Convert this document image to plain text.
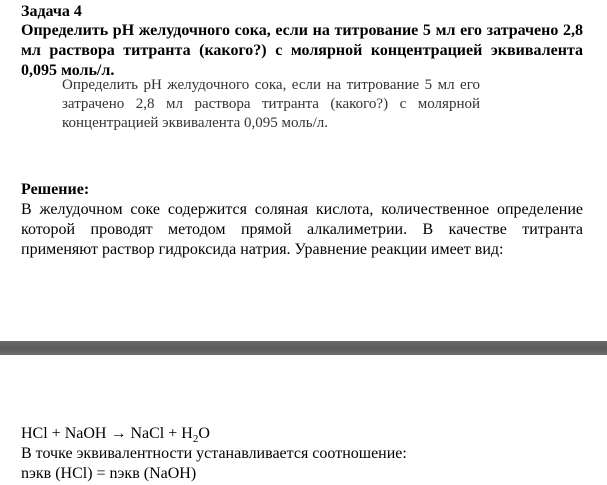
Задача 4

Определить pH желудочного сока, если на титрование 5 мл его затрачено 2,8 мл раствора титранта (какого?) с молярной концентрацией эквивалента 0,095 моль/л.

Определить pH желудочного сока, если на титрование 5 мл его затрачено 2,8 мл раствора титранта (какого?) с молярной концентрацией эквивалента 0,095 моль/л.

Решение:

В желудочном соке содержится соляная кислота, количественное определение которой проводят методом прямой алкалиметрии. В качестве титранта применяют раствор гидроксида натрия. Уравнение реакции имеет вид:

HCl + NaOH → NaCl + $H_2O$

В точке эквивалентности устанавливается соотношение:

nэкв (HCl) = nэкв (NaOH)
